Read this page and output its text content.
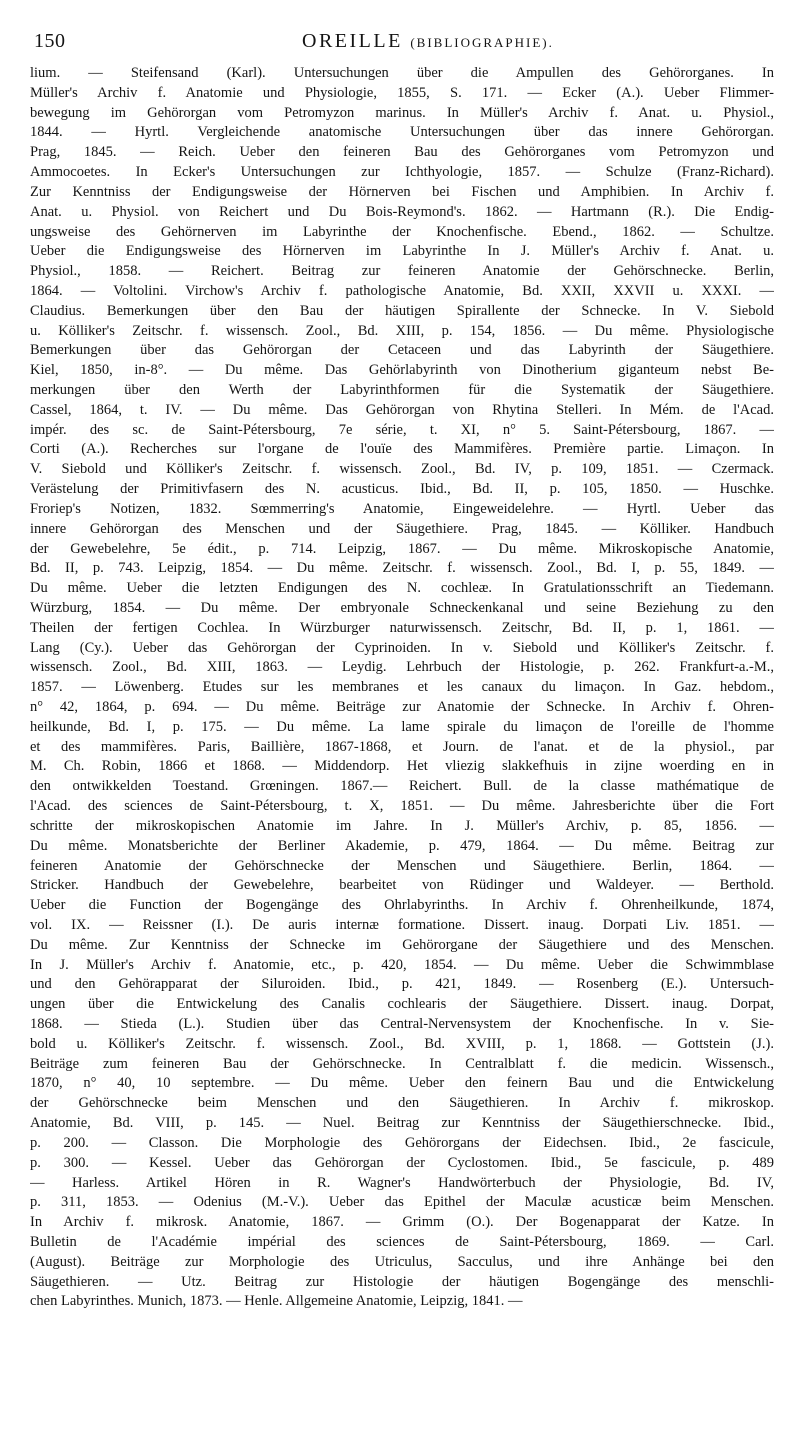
150	OREILLE (BIBLIOGRAPHIE).
lium. — Steifensand (Karl). Untersuchungen über die Ampullen des Gehörorganes. In
Müller's Archiv f. Anatomie und Physiologie, 1855, S. 171. — Ecker (A.). Ueber Flimmer-
bewegung im Gehörorgan vom Petromyzon marinus. In Müller's Archiv f. Anat. u. Physiol.,
1844. — Hyrtl. Vergleichende anatomische Untersuchungen über das innere Gehörorgan.
Prag, 1845. — Reich. Ueber den feineren Bau des Gehörorganes vom Petromyzon und
Ammocoetes. In Ecker's Untersuchungen zur Ichthyologie, 1857. — Schulze (Franz-Richard).
Zur Kenntniss der Endigungsweise der Hörnerven bei Fischen und Amphibien. In Archiv f.
Anat. u. Physiol. von Reichert und Du Bois-Reymond's. 1862. — Hartmann (R.). Die Endig-
ungsweise des Gehörnerven im Labyrinthe der Knochenfische. Ebend., 1862. — Schultze.
Ueber die Endigungsweise des Hörnerven im Labyrinthe In J. Müller's Archiv f. Anat. u.
Physiol., 1858. — Reichert. Beitrag zur feineren Anatomie der Gehörschnecke. Berlin,
1864. — Voltolini. Virchow's Archiv f. pathologische Anatomie, Bd. XXII, XXVII u. XXXI. —
Claudius. Bemerkungen über den Bau der häutigen Spirallente der Schnecke. In V. Siebold
u. Kölliker's Zeitschr. f. wissensch. Zool., Bd. XIII, p. 154, 1856. — Du même. Physiologische
Bemerkungen über das Gehörorgan der Cetaceen und das Labyrinth der Säugethiere.
Kiel, 1850, in-8°. — Du même. Das Gehörlabyrinth von Dinotherium giganteum nebst Be-
merkungen über den Werth der Labyrinthformen für die Systematik der Säugethiere.
Cassel, 1864, t. IV. — Du même. Das Gehörorgan von Rhytina Stelleri. In Mém. de l'Acad.
impér. des sc. de Saint-Pétersbourg, 7e série, t. XI, n° 5. Saint-Pétersbourg, 1867. —
Corti (A.). Recherches sur l'organe de l'ouïe des Mammifères. Première partie. Limaçon. In
V. Siebold und Kölliker's Zeitschr. f. wissensch. Zool., Bd. IV, p. 109, 1851. — Czermack.
Verästelung der Primitivfasern des N. acusticus. Ibid., Bd. II, p. 105, 1850. — Huschke.
Froriep's Notizen, 1832. Sœmmerring's Anatomie, Eingeweidelehre. — Hyrtl. Ueber das
innere Gehörorgan des Menschen und der Säugethiere. Prag, 1845. — Kölliker. Handbuch
der Gewebelehre, 5e édit., p. 714. Leipzig, 1867. — Du même. Mikroskopische Anatomie,
Bd. II, p. 743. Leipzig, 1854. — Du même. Zeitschr. f. wissensch. Zool., Bd. I, p. 55, 1849. —
Du même. Ueber die letzten Endigungen des N. cochleæ. In Gratulationsschrift an Tiedemann.
Würzburg, 1854. — Du même. Der embryonale Schneckenkanal und seine Beziehung zu den
Theilen der fertigen Cochlea. In Würzburger naturwissensch. Zeitschr, Bd. II, p. 1, 1861. —
Lang (Cy.). Ueber das Gehörorgan der Cyprinoiden. In v. Siebold und Kölliker's Zeitschr. f.
wissensch. Zool., Bd. XIII, 1863. — Leydig. Lehrbuch der Histologie, p. 262. Frankfurt-a.-M.,
1857. — Löwenberg. Etudes sur les membranes et les canaux du limaçon. In Gaz. hebdom.,
n° 42, 1864, p. 694. — Du même. Beiträge zur Anatomie der Schnecke. In Archiv f. Ohren-
heilkunde, Bd. I, p. 175. — Du même. La lame spirale du limaçon de l'oreille de l'homme
et des mammifères. Paris, Baillière, 1867-1868, et Journ. de l'anat. et de la physiol., par
M. Ch. Robin, 1866 et 1868. — Middendorp. Het vliezig slakkefhuis in zijne woerding en in
den ontwikkelden Toestand. Grœningen. 1867.— Reichert. Bull. de la classe mathématique de
l'Acad. des sciences de Saint-Pétersbourg, t. X, 1851. — Du même. Jahresberichte über die Fort
schritte der mikroskopischen Anatomie im Jahre. In J. Müller's Archiv, p. 85, 1856. —
Du même. Monatsberichte der Berliner Akademie, p. 479, 1864. — Du même. Beitrag zur
feineren Anatomie der Gehörschnecke der Menschen und Säugethiere. Berlin, 1864. —
Stricker. Handbuch der Gewebelehre, bearbeitet von Rüdinger und Waldeyer. — Berthold.
Ueber die Function der Bogengänge des Ohrlabyrinths. In Archiv f. Ohrenheilkunde, 1874,
vol. IX. — Reissner (I.). De auris internæ formatione. Dissert. inaug. Dorpati Liv. 1851. —
Du même. Zur Kenntniss der Schnecke im Gehörorgane der Säugethiere und des Menschen.
In J. Müller's Archiv f. Anatomie, etc., p. 420, 1854. — Du même. Ueber die Schwimmblase
und den Gehörapparat der Siluroiden. Ibid., p. 421, 1849. — Rosenberg (E.). Untersuch-
ungen über die Entwickelung des Canalis cochlearis der Säugethiere. Dissert. inaug. Dorpat,
1868. — Stieda (L.). Studien über das Central-Nervensystem der Knochenfische. In v. Sie-
bold u. Kölliker's Zeitschr. f. wissensch. Zool., Bd. XVIII, p. 1, 1868. — Gottstein (J.).
Beiträge zum feineren Bau der Gehörschnecke. In Centralblatt f. die medicin. Wissensch.,
1870, n° 40, 10 septembre. — Du même. Ueber den feinern Bau und die Entwickelung
der Gehörschnecke beim Menschen und den Säugethieren. In Archiv f. mikroskop.
Anatomie, Bd. VIII, p. 145. — Nuel. Beitrag zur Kenntniss der Säugethierschnecke. Ibid.,
p. 200. — Classon. Die Morphologie des Gehörorgans der Eidechsen. Ibid., 2e fascicule,
p. 300. — Kessel. Ueber das Gehörorgan der Cyclostomen. Ibid., 5e fascicule, p. 489
— Harless. Artikel Hören in R. Wagner's Handwörterbuch der Physiologie, Bd. IV,
p. 311, 1853. — Odenius (M.-V.). Ueber das Epithel der Maculæ acusticæ beim Menschen.
In Archiv f. mikrosk. Anatomie, 1867. — Grimm (O.). Der Bogenapparat der Katze. In
Bulletin de l'Académie impérial des sciences de Saint-Pétersbourg, 1869. — Carl.
(August). Beiträge zur Morphologie des Utriculus, Sacculus, und ihre Anhänge bei den
Säugethieren. — Utz. Beitrag zur Histologie der häutigen Bogengänge des menschli-
chen Labyrinthes. Munich, 1873. — Henle. Allgemeine Anatomie, Leipzig, 1841. —
